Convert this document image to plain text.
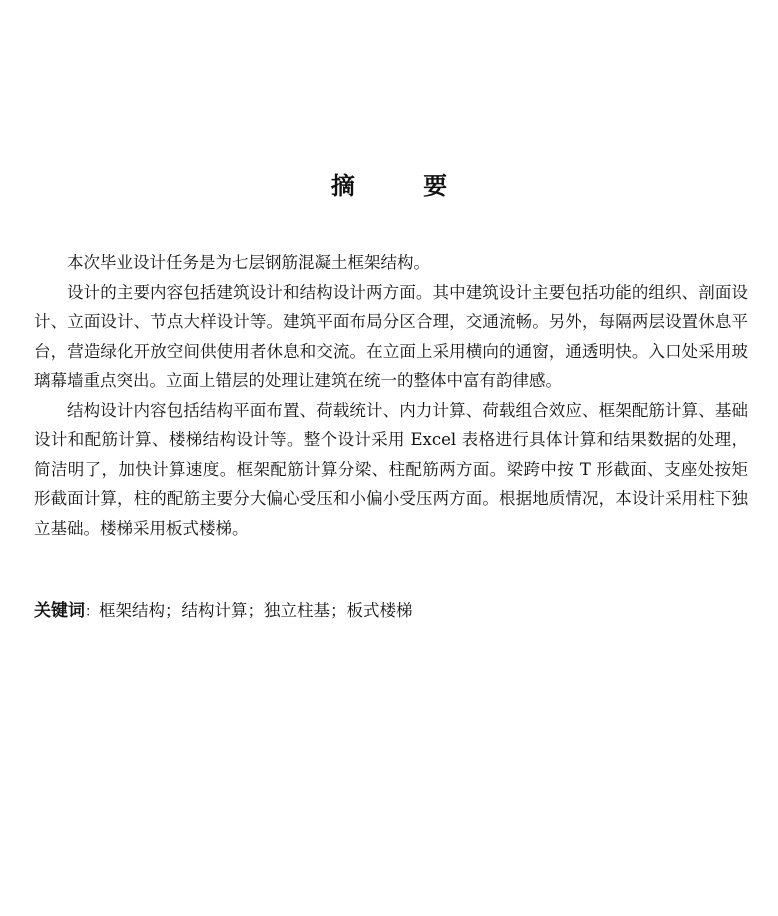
摘 要

本次毕业设计任务是为七层钢筋混凝土框架结构。

设计的主要内容包括建筑设计和结构设计两方面。其中建筑设计主要包括功能的组织、剖面设计、立面设计、节点大样设计等。建筑平面布局分区合理，交通流畅。另外，每隔两层设置休息平台，营造绿化开放空间供使用者休息和交流。在立面上采用横向的通窗，通透明快。入口处采用玻璃幕墙重点突出。立面上错层的处理让建筑在统一的整体中富有韵律感。

结构设计内容包括结构平面布置、荷载统计、内力计算、荷载组合效应、框架配筋计算、基础设计和配筋计算、楼梯结构设计等。整个设计采用 Excel 表格进行具体计算和结果数据的处理，简洁明了，加快计算速度。框架配筋计算分梁、柱配筋两方面。梁跨中按 T 形截面、支座处按矩形截面计算，柱的配筋主要分大偏心受压和小偏小受压两方面。根据地质情况，本设计采用柱下独立基础。楼梯采用板式楼梯。

关键词：框架结构；结构计算；独立柱基；板式楼梯
